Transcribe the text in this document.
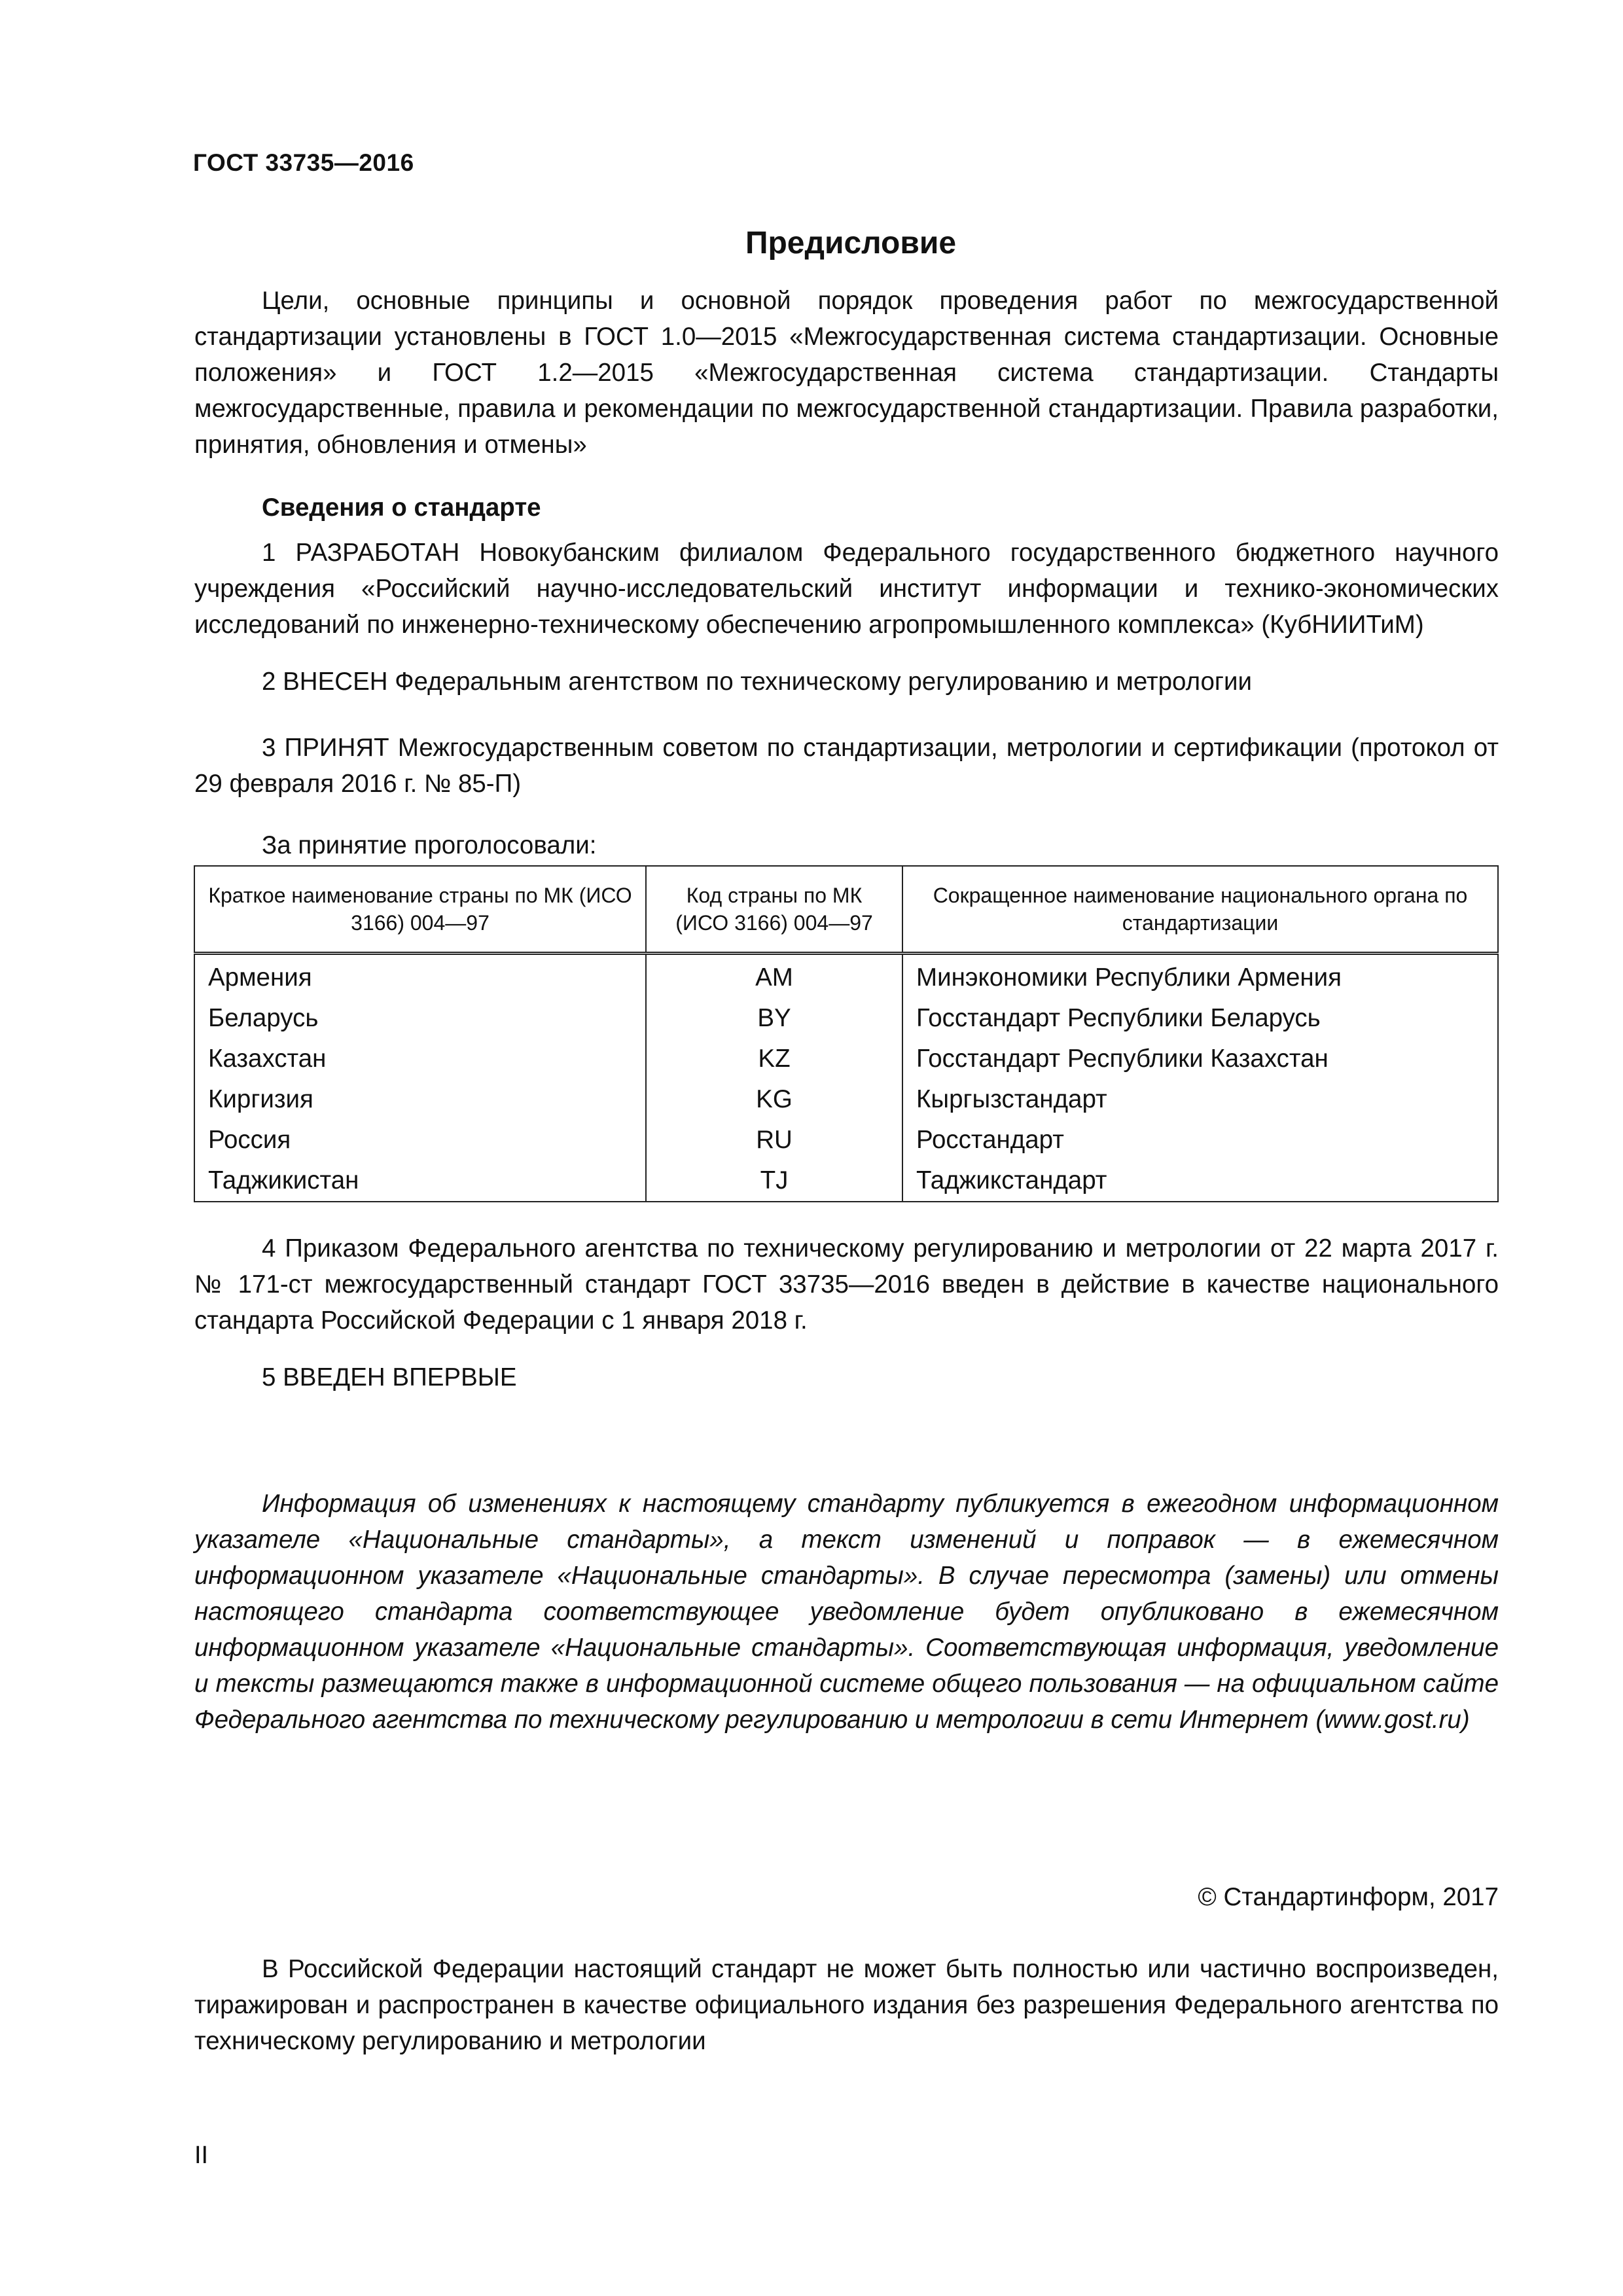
ГОСТ 33735—2016
Предисловие

Цели, основные принципы и основной порядок проведения работ по межгосударственной стандартизации установлены в ГОСТ 1.0—2015 «Межгосударственная система стандартизации. Основные положения» и ГОСТ 1.2—2015 «Межгосударственная система стандартизации. Стандарты межгосударственные, правила и рекомендации по межгосударственной стандартизации. Правила разработки, принятия, обновления и отмены»

Сведения о стандарте

1 РАЗРАБОТАН Новокубанским филиалом Федерального государственного бюджетного научного учреждения «Российский научно-исследовательский институт информации и технико-экономических исследований по инженерно-техническому обеспечению агропромышленного комплекса» (КубНИИТиМ)

2 ВНЕСЕН Федеральным агентством по техническому регулированию и метрологии

3 ПРИНЯТ Межгосударственным советом по стандартизации, метрологии и сертификации (протокол от 29 февраля 2016 г. № 85-П)

За принятие проголосовали:
Краткое наименование страны по МК (ИСО 3166) 004—97	Код страны по МК (ИСО 3166) 004—97	Сокращенное наименование национального органа по стандартизации
Армения	AM	Минэкономики Республики Армения
Беларусь	BY	Госстандарт Республики Беларусь
Казахстан	KZ	Госстандарт Республики Казахстан
Киргизия	KG	Кыргызстандарт
Россия	RU	Росстандарт
Таджикистан	TJ	Таджикстандарт

4 Приказом Федерального агентства по техническому регулированию и метрологии от 22 марта 2017 г. № 171-ст межгосударственный стандарт ГОСТ 33735—2016 введен в действие в качестве национального стандарта Российской Федерации с 1 января 2018 г.

5 ВВЕДЕН ВПЕРВЫЕ

Информация об изменениях к настоящему стандарту публикуется в ежегодном информационном указателе «Национальные стандарты», а текст изменений и поправок — в ежемесячном информационном указателе «Национальные стандарты». В случае пересмотра (замены) или отмены настоящего стандарта соответствующее уведомление будет опубликовано в ежемесячном информационном указателе «Национальные стандарты». Соответствующая информация, уведомление и тексты размещаются также в информационной системе общего пользования — на официальном сайте Федерального агентства по техническому регулированию и метрологии в сети Интернет (www.gost.ru)

© Стандартинформ, 2017

В Российской Федерации настоящий стандарт не может быть полностью или частично воспроизведен, тиражирован и распространен в качестве официального издания без разрешения Федерального агентства по техническому регулированию и метрологии

II
